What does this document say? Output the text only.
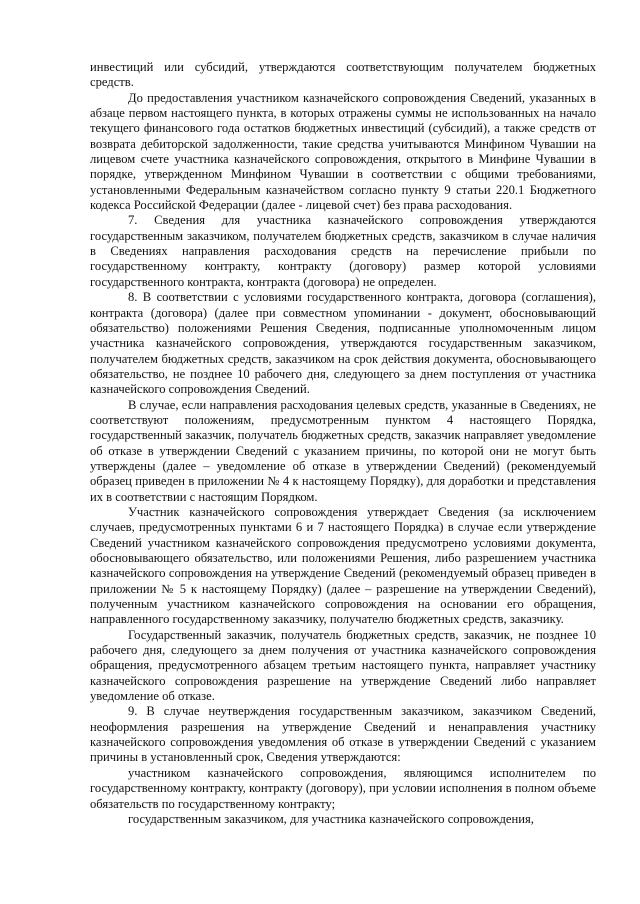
инвестиций или субсидий, утверждаются соответствующим получателем бюджетных средств.

До предоставления участником казначейского сопровождения Сведений, указанных в абзаце первом настоящего пункта, в которых отражены суммы не использованных на начало текущего финансового года остатков бюджетных инвестиций (субсидий), а также средств от возврата дебиторской задолженности, такие средства учитываются Минфином Чувашии на лицевом счете участника казначейского сопровождения, открытого в Минфине Чувашии в порядке, утвержденном Минфином Чувашии в соответствии с общими требованиями, установленными Федеральным казначейством согласно пункту 9 статьи 220.1 Бюджетного кодекса Российской Федерации (далее - лицевой счет) без права расходования.

7. Сведения для участника казначейского сопровождения утверждаются государственным заказчиком, получателем бюджетных средств, заказчиком в случае наличия в Сведениях направления расходования средств на перечисление прибыли по государственному контракту, контракту (договору) размер которой условиями государственного контракта, контракта (договора) не определен.

8. В соответствии с условиями государственного контракта, договора (соглашения), контракта (договора) (далее при совместном упоминании - документ, обосновывающий обязательство) положениями Решения Сведения, подписанные уполномоченным лицом участника казначейского сопровождения, утверждаются государственным заказчиком, получателем бюджетных средств, заказчиком на срок действия документа, обосновывающего обязательство, не позднее 10 рабочего дня, следующего за днем поступления от участника казначейского сопровождения Сведений.

В случае, если направления расходования целевых средств, указанные в Сведениях, не соответствуют положениям, предусмотренным пунктом 4 настоящего Порядка, государственный заказчик, получатель бюджетных средств, заказчик направляет уведомление об отказе в утверждении Сведений с указанием причины, по которой они не могут быть утверждены (далее – уведомление об отказе в утверждении Сведений) (рекомендуемый образец приведен в приложении № 4 к настоящему Порядку), для доработки и представления их в соответствии с настоящим Порядком.

Участник казначейского сопровождения утверждает Сведения (за исключением случаев, предусмотренных пунктами 6 и 7 настоящего Порядка) в случае если утверждение Сведений участником казначейского сопровождения предусмотрено условиями документа, обосновывающего обязательство, или положениями Решения, либо разрешением участника казначейского сопровождения на утверждение Сведений (рекомендуемый образец приведен в приложении № 5 к настоящему Порядку) (далее – разрешение на утверждении Сведений), полученным участником казначейского сопровождения на основании его обращения, направленного государственному заказчику, получателю бюджетных средств, заказчику.

Государственный заказчик, получатель бюджетных средств, заказчик, не позднее 10 рабочего дня, следующего за днем получения от участника казначейского сопровождения обращения, предусмотренного абзацем третьим настоящего пункта, направляет участнику казначейского сопровождения разрешение на утверждение Сведений либо направляет уведомление об отказе.

9. В случае неутверждения государственным заказчиком, заказчиком Сведений, неоформления разрешения на утверждение Сведений и ненаправления участнику казначейского сопровождения уведомления об отказе в утверждении Сведений с указанием причины в установленный срок, Сведения утверждаются:

участником казначейского сопровождения, являющимся исполнителем по государственному контракту, контракту (договору), при условии исполнения в полном объеме обязательств по государственному контракту;

государственным заказчиком, для участника казначейского сопровождения,
